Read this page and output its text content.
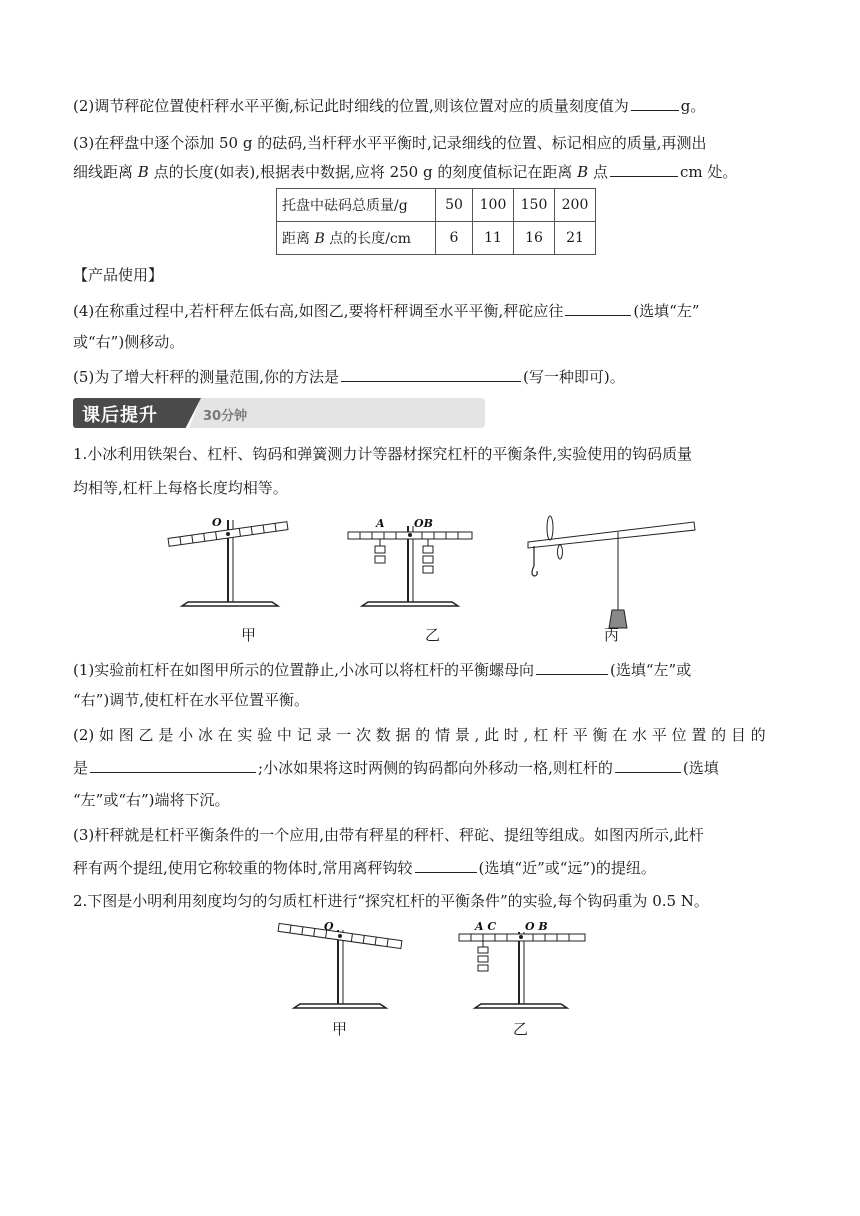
(2)调节秤砣位置使杆秤水平平衡,标记此时细线的位置,则该位置对应的质量刻度值为	g。
(3)在秤盘中逐个添加 50 g 的砝码,当杆秤水平平衡时,记录细线的位置、标记相应的质量,再测出
细线距离 B 点的长度(如表),根据表中数据,应将 250 g 的刻度值标记在距离 B 点	cm 处。
托盘中砝码总质量/g	50	100	150	200
距离 B 点的长度/cm	6	11	16	21
【产品使用】
(4)在称重过程中,若杆秤左低右高,如图乙,要将杆秤调至水平平衡,秤砣应往	(选填“左”
或“右”)侧移动。
(5)为了增大杆秤的测量范围,你的方法是	(写一种即可)。
课后提升	30分钟
1.小冰利用铁架台、杠杆、钩码和弹簧测力计等器材探究杠杆的平衡条件,实验使用的钩码质量
均相等,杠杆上每格长度均相等。
O	A	OB
甲	乙	丙
(1)实验前杠杆在如图甲所示的位置静止,小冰可以将杠杆的平衡螺母向	(选填“左”或
“右”)调节,使杠杆在水平位置平衡。
(2) 如 图 乙 是 小 冰 在 实 验 中 记 录 一 次 数 据 的 情 景 , 此 时 , 杠 杆 平 衡 在 水 平 位 置 的 目 的
是	;小冰如果将这时两侧的钩码都向外移动一格,则杠杆的	(选填
“左”或“右”)端将下沉。
(3)杆秤就是杠杆平衡条件的一个应用,由带有秤星的秤杆、秤砣、提纽等组成。如图丙所示,此杆
秤有两个提纽,使用它称较重的物体时,常用离秤钩较	(选填“近”或“远”)的提纽。
2.下图是小明利用刻度均匀的匀质杠杆进行“探究杠杆的平衡条件”的实验,每个钩码重为 0.5 N。
O	A C	O B
甲	乙
